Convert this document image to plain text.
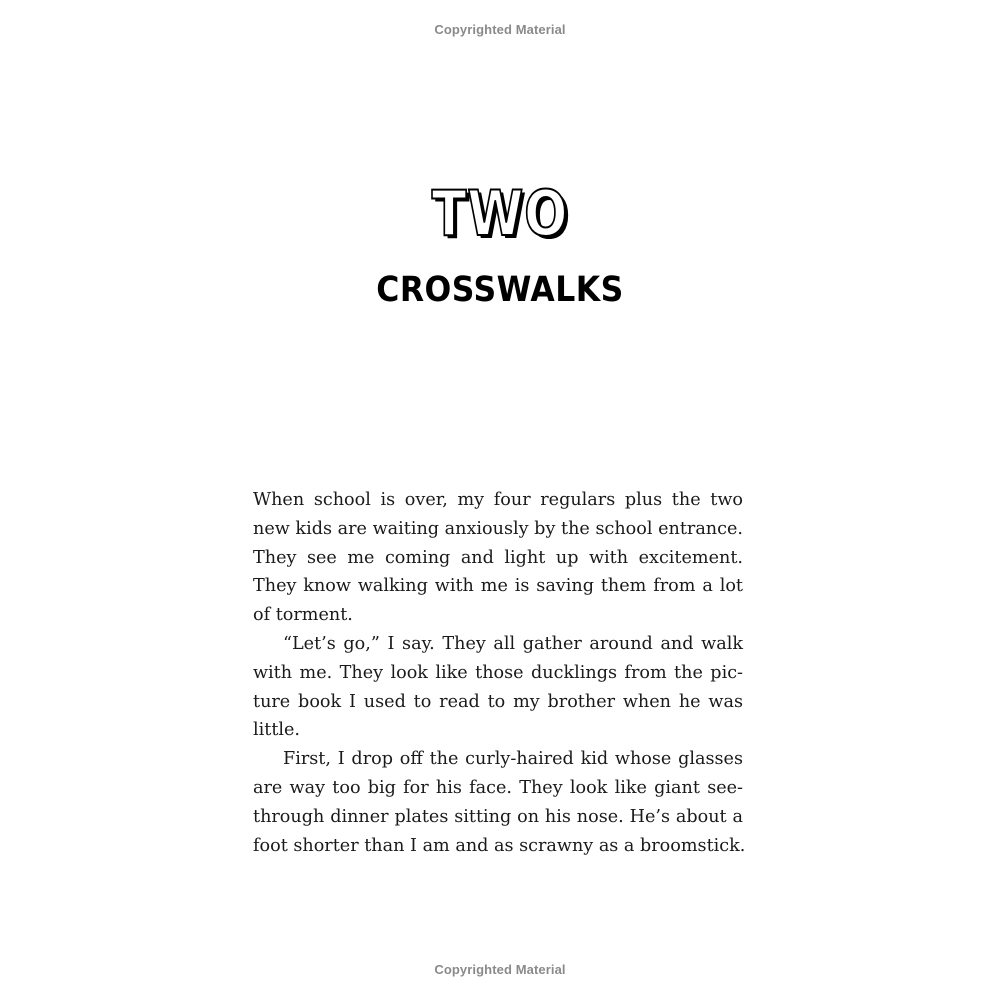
Copyrighted Material
TWO
CROSSWALKS
When school is over, my four regulars plus the two
new kids are waiting anxiously by the school entrance.
They see me coming and light up with excitement.
They know walking with me is saving them from a lot
of torment.
“Let’s go,” I say. They all gather around and walk
with me. They look like those ducklings from the pic-
ture book I used to read to my brother when he was
little.
First, I drop off the curly-haired kid whose glasses
are way too big for his face. They look like giant see-
through dinner plates sitting on his nose. He’s about a
foot shorter than I am and as scrawny as a broomstick.
Copyrighted Material
